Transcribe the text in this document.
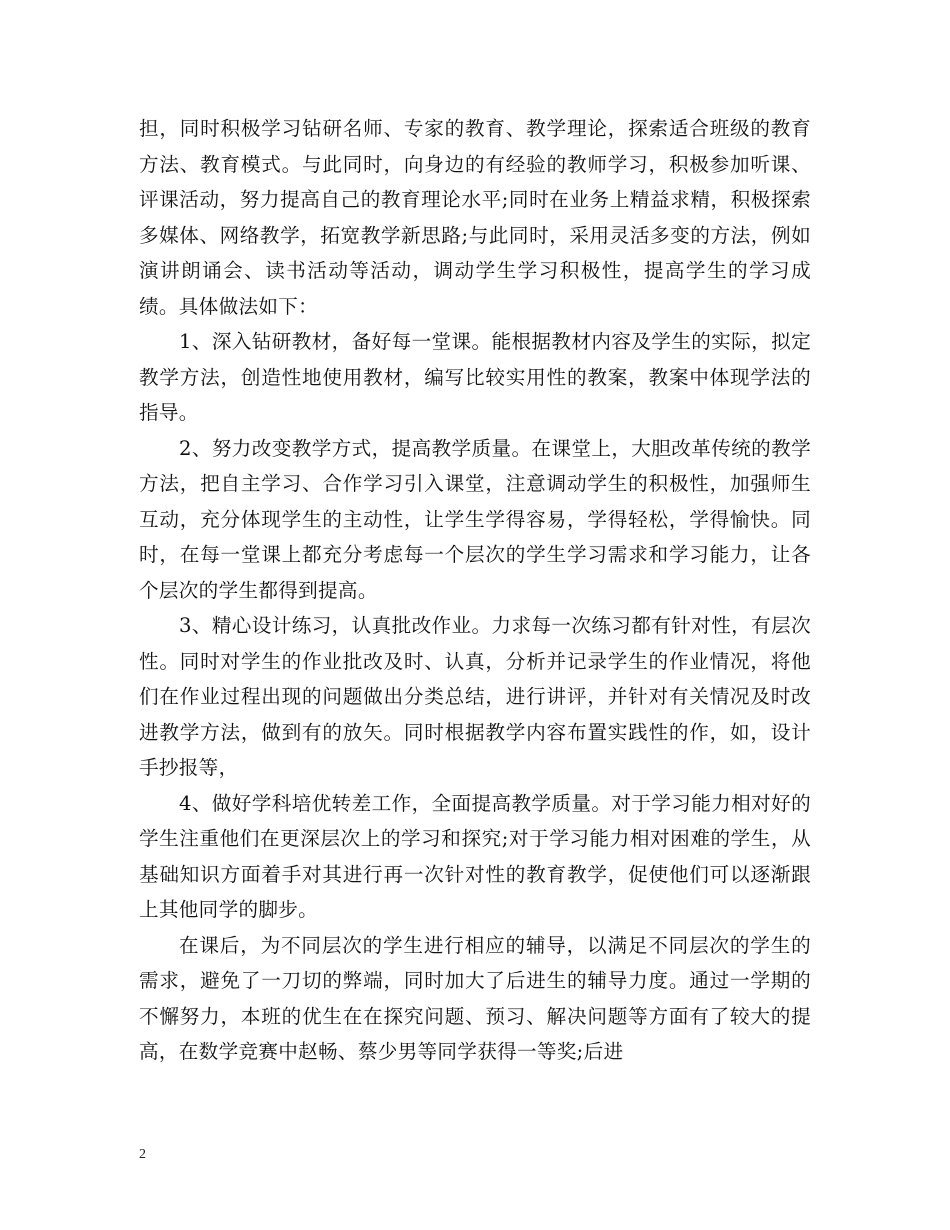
担，同时积极学习钻研名师、专家的教育、教学理论，探索适合班级的教育方法、教育模式。与此同时，向身边的有经验的教师学习，积极参加听课、评课活动，努力提高自己的教育理论水平;同时在业务上精益求精，积极探索多媒体、网络教学，拓宽教学新思路;与此同时，采用灵活多变的方法，例如演讲朗诵会、读书活动等活动，调动学生学习积极性，提高学生的学习成绩。具体做法如下：

1、深入钻研教材，备好每一堂课。能根据教材内容及学生的实际，拟定教学方法，创造性地使用教材，编写比较实用性的教案，教案中体现学法的指导。

2、努力改变教学方式，提高教学质量。在课堂上，大胆改革传统的教学方法，把自主学习、合作学习引入课堂，注意调动学生的积极性，加强师生互动，充分体现学生的主动性，让学生学得容易，学得轻松，学得愉快。同时，在每一堂课上都充分考虑每一个层次的学生学习需求和学习能力，让各个层次的学生都得到提高。

3、精心设计练习，认真批改作业。力求每一次练习都有针对性，有层次性。同时对学生的作业批改及时、认真，分析并记录学生的作业情况，将他们在作业过程出现的问题做出分类总结，进行讲评，并针对有关情况及时改进教学方法，做到有的放矢。同时根据教学内容布置实践性的作，如，设计手抄报等，

4、做好学科培优转差工作，全面提高教学质量。对于学习能力相对好的学生注重他们在更深层次上的学习和探究;对于学习能力相对困难的学生，从基础知识方面着手对其进行再一次针对性的教育教学，促使他们可以逐渐跟上其他同学的脚步。

在课后，为不同层次的学生进行相应的辅导，以满足不同层次的学生的需求，避免了一刀切的弊端，同时加大了后进生的辅导力度。通过一学期的不懈努力，本班的优生在在探究问题、预习、解决问题等方面有了较大的提高，在数学竞赛中赵畅、蔡少男等同学获得一等奖;后进

2
